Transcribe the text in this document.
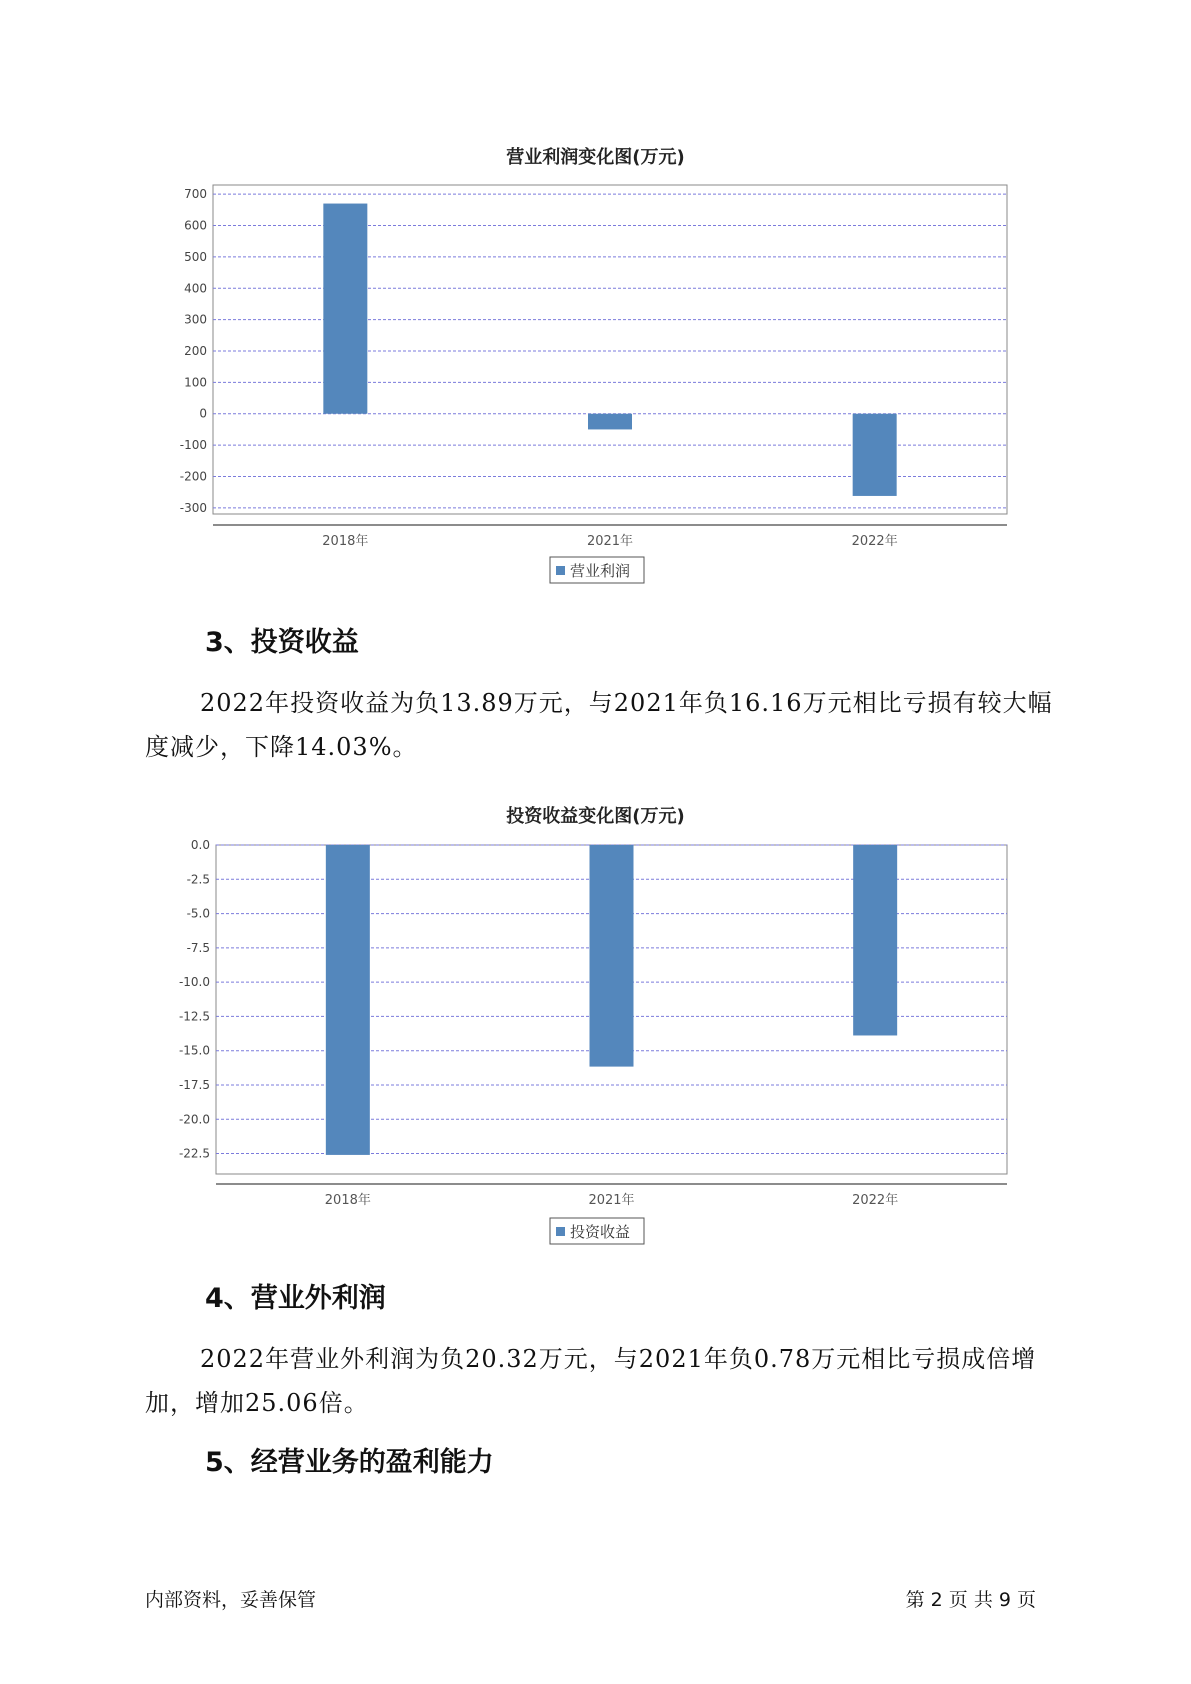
营业利润变化图(万元)
700
600
500
400
300
200
100
0
-100
-200
-300
2018年	2021年	2022年
营业利润
3、投资收益

2022年投资收益为负13.89万元，与2021年负16.16万元相比亏损有较大幅度减少，下降14.03%。

投资收益变化图(万元)
0.0
-2.5
-5.0
-7.5
-10.0
-12.5
-15.0
-17.5
-20.0
-22.5
2018年	2021年	2022年
投资收益
4、营业外利润

2022年营业外利润为负20.32万元，与2021年负0.78万元相比亏损成倍增加，增加25.06倍。

5、经营业务的盈利能力
内部资料，妥善保管	第 2 页 共 9 页
